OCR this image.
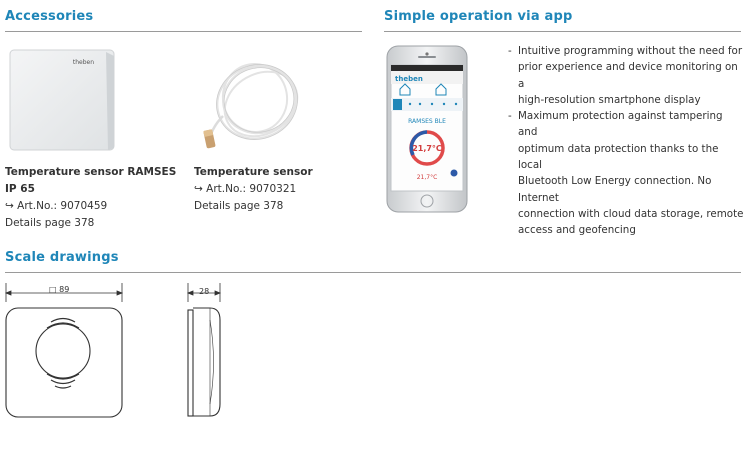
Accessories
theben
Temperature sensor RAMSES
IP 65
↪ Art.No.: 9070459
Details page 378
Temperature sensor
↪ Art.No.: 9070321
Details page 378
Simple operation via app
theben
RAMSES BLE
21,7°C
21,7°C
- Intuitive programming without the need for
prior experience and device monitoring on a
high-resolution smartphone display
- Maximum protection against tampering and
optimum data protection thanks to the local
Bluetooth Low Energy connection. No Internet
connection with cloud data storage, remote
access and geofencing
Scale drawings
□ 89	28
